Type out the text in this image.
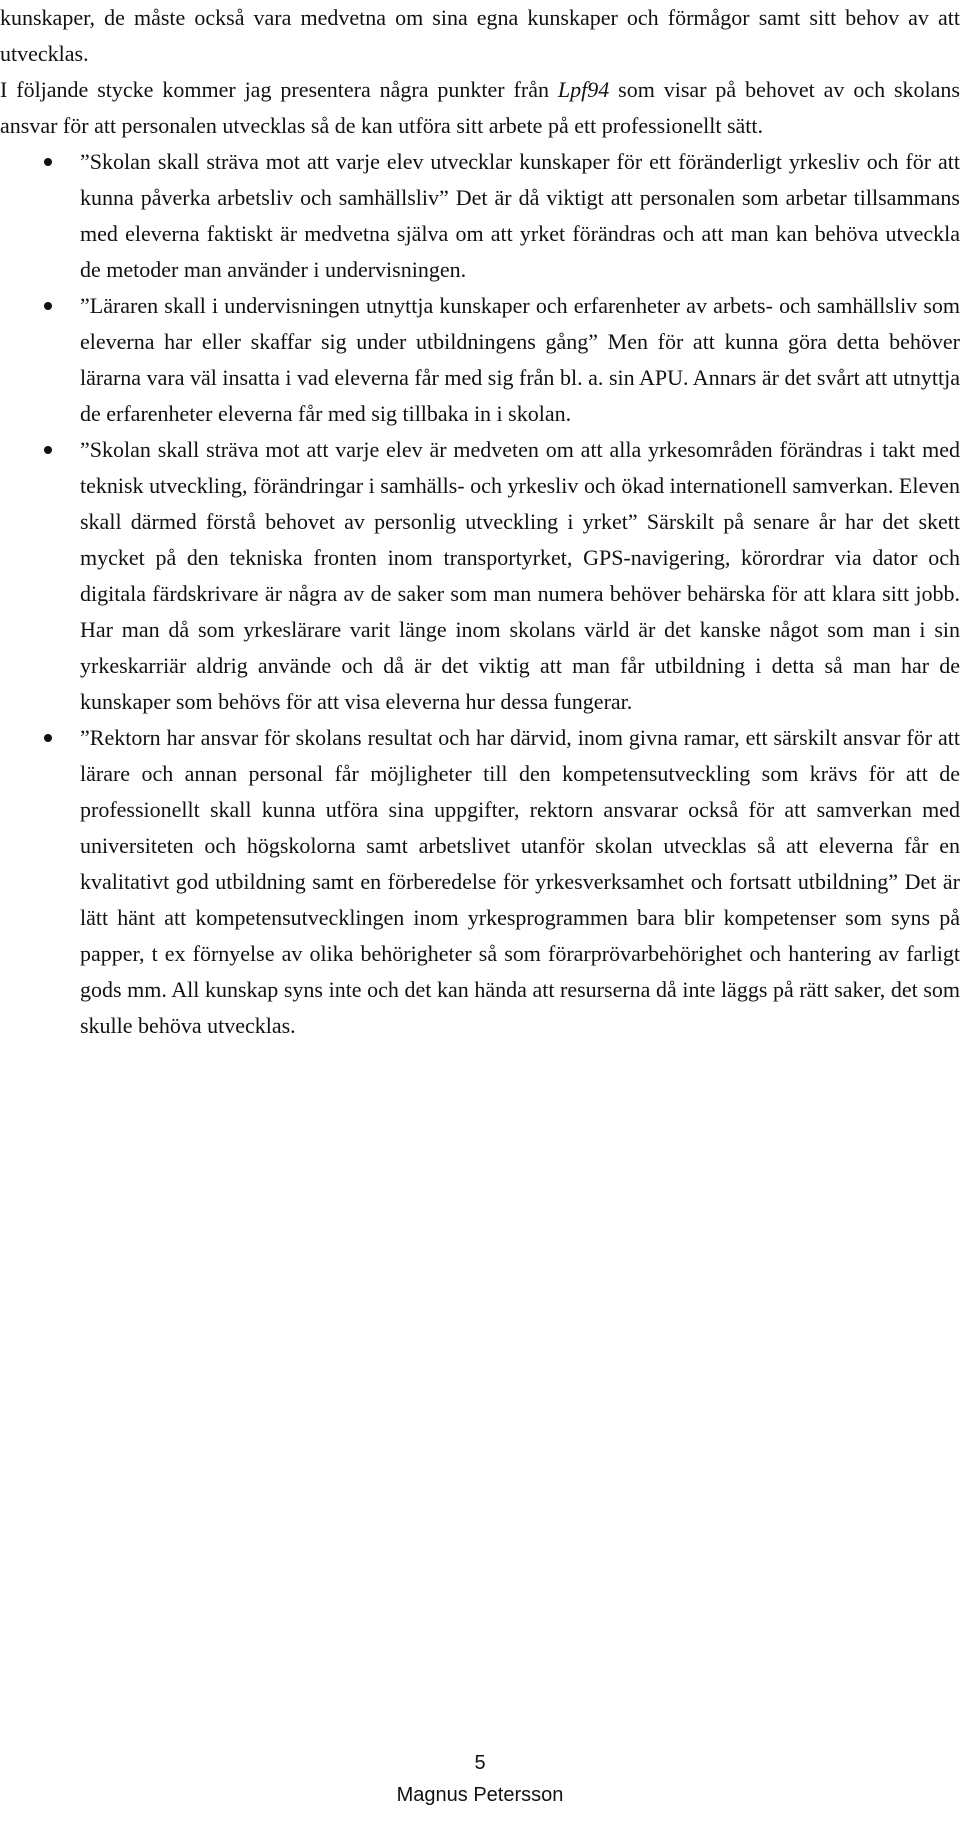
kunskaper, de måste också vara medvetna om sina egna kunskaper och förmågor samt sitt behov av att utvecklas.
I följande stycke kommer jag presentera några punkter från Lpf94 som visar på behovet av och skolans ansvar för att personalen utvecklas så de kan utföra sitt arbete på ett professionellt sätt.

”Skolan skall sträva mot att varje elev utvecklar kunskaper för ett föränderligt yrkesliv och för att kunna påverka arbetsliv och samhällsliv” Det är då viktigt att personalen som arbetar tillsammans med eleverna faktiskt är medvetna själva om att yrket förändras och att man kan behöva utveckla de metoder man använder i undervisningen.
”Läraren skall i undervisningen utnyttja kunskaper och erfarenheter av arbets- och samhällsliv som eleverna har eller skaffar sig under utbildningens gång” Men för att kunna göra detta behöver lärarna vara väl insatta i vad eleverna får med sig från bl. a. sin APU. Annars är det svårt att utnyttja de erfarenheter eleverna får med sig tillbaka in i skolan.
”Skolan skall sträva mot att varje elev är medveten om att alla yrkesområden förändras i takt med teknisk utveckling, förändringar i samhälls- och yrkesliv och ökad internationell samverkan. Eleven skall därmed förstå behovet av personlig utveckling i yrket” Särskilt på senare år har det skett mycket på den tekniska fronten inom transportyrket, GPS-navigering, körordrar via dator och digitala färdskrivare är några av de saker som man numera behöver behärska för att klara sitt jobb. Har man då som yrkeslärare varit länge inom skolans värld är det kanske något som man i sin yrkeskarriär aldrig använde och då är det viktig att man får utbildning i detta så man har de kunskaper som behövs för att visa eleverna hur dessa fungerar.
”Rektorn har ansvar för skolans resultat och har därvid, inom givna ramar, ett särskilt ansvar för att lärare och annan personal får möjligheter till den kompetensutveckling som krävs för att de professionellt skall kunna utföra sina uppgifter, rektorn ansvarar också för att samverkan med universiteten och högskolorna samt arbetslivet utanför skolan utvecklas så att eleverna får en kvalitativt god utbildning samt en förberedelse för yrkesverksamhet och fortsatt utbildning” Det är lätt hänt att kompetensutvecklingen inom yrkesprogrammen bara blir kompetenser som syns på papper, t ex förnyelse av olika behörigheter så som förarprövarbehörighet och hantering av farligt gods mm. All kunskap syns inte och det kan hända att resurserna då inte läggs på rätt saker, det som skulle behöva utvecklas.
5
Magnus Petersson
